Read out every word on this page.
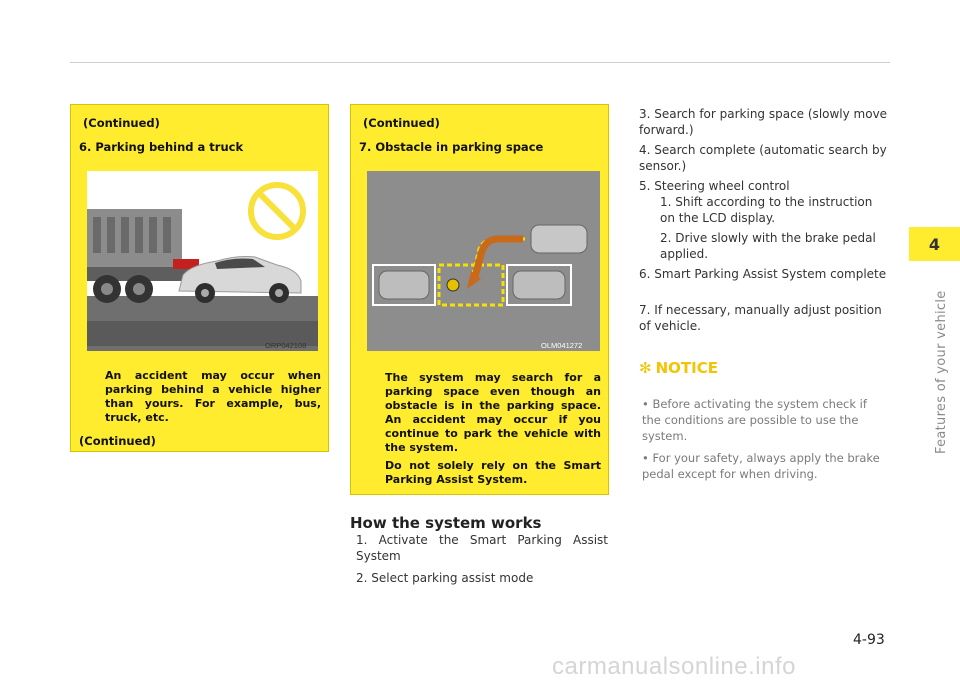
(Continued)
6. Parking behind a truck
ORP042108
An accident may occur when parking behind a vehicle higher than yours. For example, bus, truck, etc.
(Continued)
(Continued)
7. Obstacle in parking space
OLM041272
The system may search for a parking space even though an obstacle is in the parking space. An accident may occur if you continue to park the vehicle with the system.
Do not solely rely on the Smart Parking Assist System.
How the system works
1. Activate the Smart Parking Assist System
2. Select parking assist mode
3. Search for parking space (slowly move forward.)
4. Search complete (automatic search by sensor.)
5. Steering wheel control
1. Shift according to the instruction on the LCD display.
2. Drive slowly with the brake pedal applied.
6. Smart Parking Assist System complete
7. If necessary, manually adjust position of vehicle.
✻ NOTICE
• Before activating the system check if the conditions are possible to use the system.
• For your safety, always apply the brake pedal except for when driving.
4
Features of your vehicle
4-93
carmanualsonline.info
